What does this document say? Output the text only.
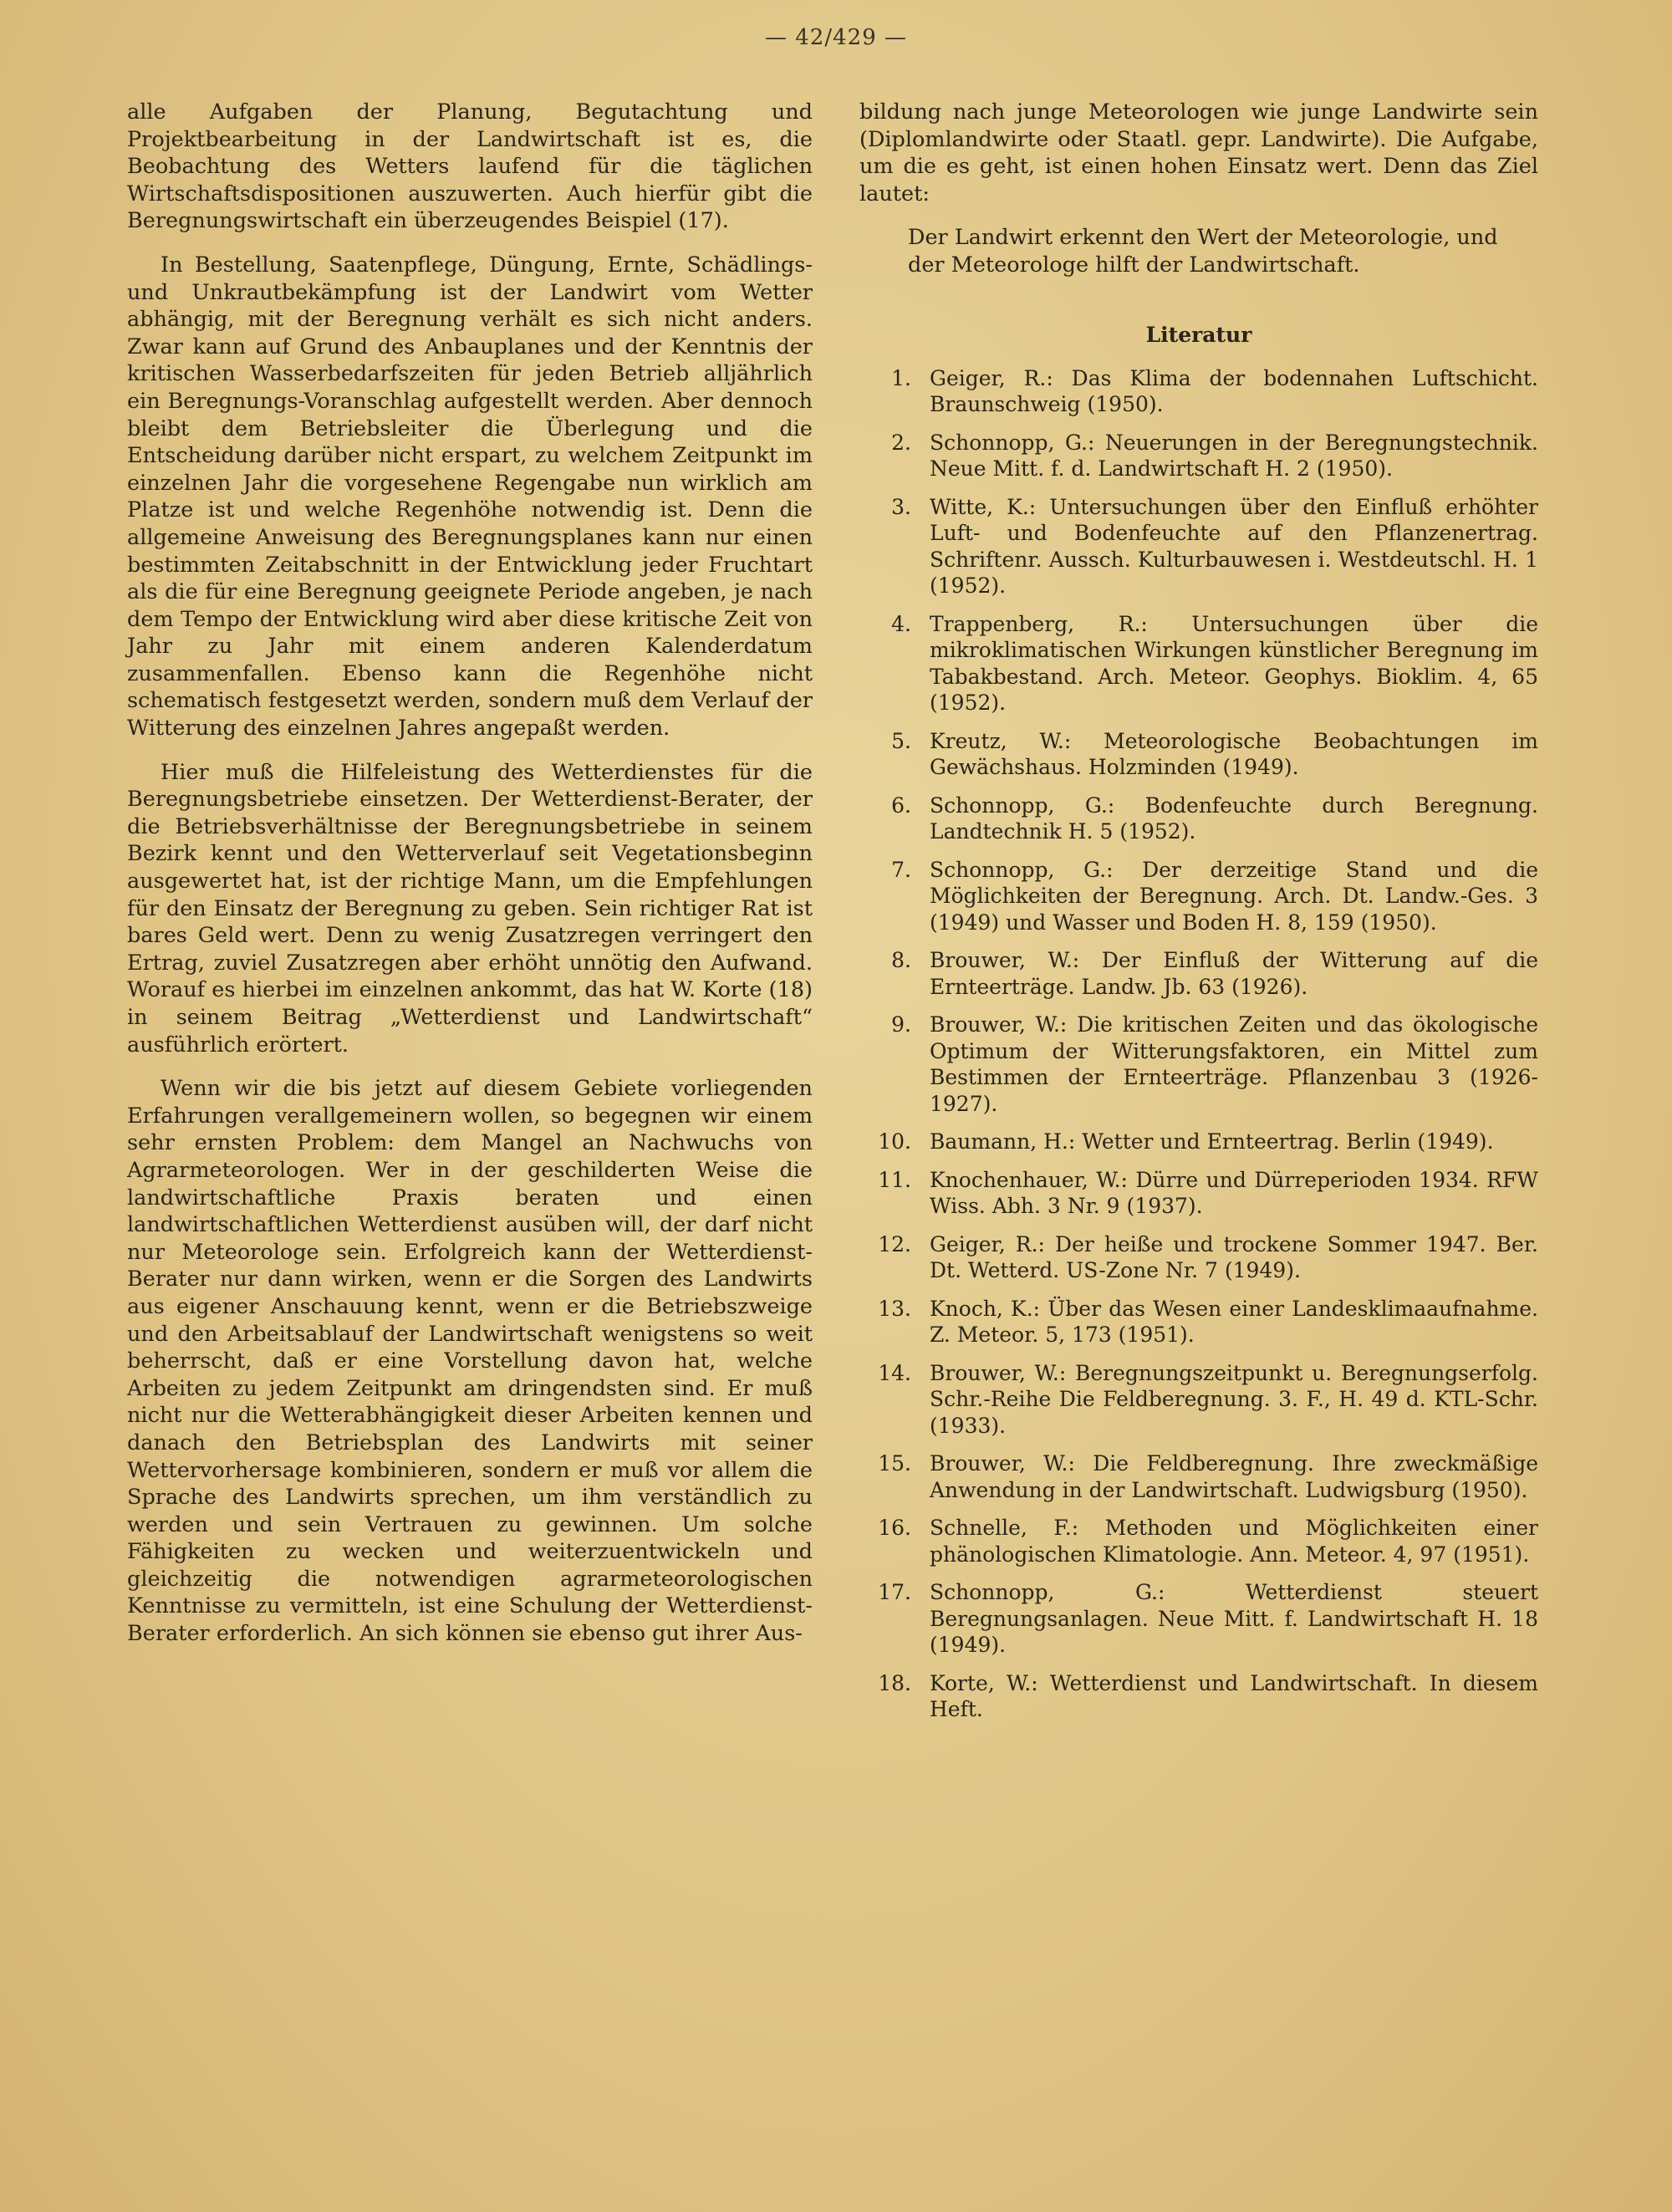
— 42/429 —

alle Aufgaben der Planung, Begutachtung und Projektbearbeitung in der Landwirtschaft ist es, die Beobachtung des Wetters laufend für die täglichen Wirtschaftsdispositionen auszuwerten. Auch hierfür gibt die Beregnungswirtschaft ein überzeugendes Beispiel (17).

In Bestellung, Saatenpflege, Düngung, Ernte, Schädlings- und Unkrautbekämpfung ist der Landwirt vom Wetter abhängig, mit der Beregnung verhält es sich nicht anders. Zwar kann auf Grund des Anbauplanes und der Kenntnis der kritischen Wasserbedarfszeiten für jeden Betrieb alljährlich ein Beregnungs-Voranschlag aufgestellt werden. Aber dennoch bleibt dem Betriebsleiter die Überlegung und die Entscheidung darüber nicht erspart, zu welchem Zeitpunkt im einzelnen Jahr die vorgesehene Regengabe nun wirklich am Platze ist und welche Regenhöhe notwendig ist. Denn die allgemeine Anweisung des Beregnungsplanes kann nur einen bestimmten Zeitabschnitt in der Entwicklung jeder Fruchtart als die für eine Beregnung geeignete Periode angeben, je nach dem Tempo der Entwicklung wird aber diese kritische Zeit von Jahr zu Jahr mit einem anderen Kalenderdatum zusammenfallen. Ebenso kann die Regenhöhe nicht schematisch festgesetzt werden, sondern muß dem Verlauf der Witterung des einzelnen Jahres angepaßt werden.

Hier muß die Hilfeleistung des Wetterdienstes für die Beregnungsbetriebe einsetzen. Der Wetterdienst-Berater, der die Betriebsverhältnisse der Beregnungsbetriebe in seinem Bezirk kennt und den Wetterverlauf seit Vegetationsbeginn ausgewertet hat, ist der richtige Mann, um die Empfehlungen für den Einsatz der Beregnung zu geben. Sein richtiger Rat ist bares Geld wert. Denn zu wenig Zusatzregen verringert den Ertrag, zuviel Zusatzregen aber erhöht unnötig den Aufwand. Worauf es hierbei im einzelnen ankommt, das hat W. Korte (18) in seinem Beitrag „Wetterdienst und Landwirtschaft“ ausführlich erörtert.

Wenn wir die bis jetzt auf diesem Gebiete vorliegenden Erfahrungen verallgemeinern wollen, so begegnen wir einem sehr ernsten Problem: dem Mangel an Nachwuchs von Agrarmeteorologen. Wer in der geschilderten Weise die landwirtschaftliche Praxis beraten und einen landwirtschaftlichen Wetterdienst ausüben will, der darf nicht nur Meteorologe sein. Erfolgreich kann der Wetterdienst-Berater nur dann wirken, wenn er die Sorgen des Landwirts aus eigener Anschauung kennt, wenn er die Betriebszweige und den Arbeitsablauf der Landwirtschaft wenigstens so weit beherrscht, daß er eine Vorstellung davon hat, welche Arbeiten zu jedem Zeitpunkt am dringendsten sind. Er muß nicht nur die Wetterabhängigkeit dieser Arbeiten kennen und danach den Betriebsplan des Landwirts mit seiner Wettervorhersage kombinieren, sondern er muß vor allem die Sprache des Landwirts sprechen, um ihm verständlich zu werden und sein Vertrauen zu gewinnen. Um solche Fähigkeiten zu wecken und weiterzuentwickeln und gleichzeitig die notwendigen agrarmeteorologischen Kenntnisse zu vermitteln, ist eine Schulung der Wetterdienst-Berater erforderlich. An sich können sie ebenso gut ihrer Aus-

bildung nach junge Meteorologen wie junge Landwirte sein (Diplomlandwirte oder Staatl. gepr. Landwirte). Die Aufgabe, um die es geht, ist einen hohen Einsatz wert. Denn das Ziel lautet:

Der Landwirt erkennt den Wert der Meteorologie, und der Meteorologe hilft der Landwirtschaft.

Literatur
1. Geiger, R.: Das Klima der bodennahen Luftschicht. Braunschweig (1950).
2. Schonnopp, G.: Neuerungen in der Beregnungstechnik. Neue Mitt. f. d. Landwirtschaft H. 2 (1950).
3. Witte, K.: Untersuchungen über den Einfluß erhöhter Luft- und Bodenfeuchte auf den Pflanzenertrag. Schriftenr. Aussch. Kulturbauwesen i. Westdeutschl. H. 1 (1952).
4. Trappenberg, R.: Untersuchungen über die mikroklimatischen Wirkungen künstlicher Beregnung im Tabakbestand. Arch. Meteor. Geophys. Bioklim. 4, 65 (1952).
5. Kreutz, W.: Meteorologische Beobachtungen im Gewächshaus. Holzminden (1949).
6. Schonnopp, G.: Bodenfeuchte durch Beregnung. Landtechnik H. 5 (1952).
7. Schonnopp, G.: Der derzeitige Stand und die Möglichkeiten der Beregnung. Arch. Dt. Landw.-Ges. 3 (1949) und Wasser und Boden H. 8, 159 (1950).
8. Brouwer, W.: Der Einfluß der Witterung auf die Ernteerträge. Landw. Jb. 63 (1926).
9. Brouwer, W.: Die kritischen Zeiten und das ökologische Optimum der Witterungsfaktoren, ein Mittel zum Bestimmen der Ernteerträge. Pflanzenbau 3 (1926-1927).
10. Baumann, H.: Wetter und Ernteertrag. Berlin (1949).
11. Knochenhauer, W.: Dürre und Dürreperioden 1934. RFW Wiss. Abh. 3 Nr. 9 (1937).
12. Geiger, R.: Der heiße und trockene Sommer 1947. Ber. Dt. Wetterd. US-Zone Nr. 7 (1949).
13. Knoch, K.: Über das Wesen einer Landesklimaaufnahme. Z. Meteor. 5, 173 (1951).
14. Brouwer, W.: Beregnungszeitpunkt u. Beregnungserfolg. Schr.-Reihe Die Feldberegnung. 3. F., H. 49 d. KTL-Schr. (1933).
15. Brouwer, W.: Die Feldberegnung. Ihre zweckmäßige Anwendung in der Landwirtschaft. Ludwigsburg (1950).
16. Schnelle, F.: Methoden und Möglichkeiten einer phänologischen Klimatologie. Ann. Meteor. 4, 97 (1951).
17. Schonnopp, G.: Wetterdienst steuert Beregnungsanlagen. Neue Mitt. f. Landwirtschaft H. 18 (1949).
18. Korte, W.: Wetterdienst und Landwirtschaft. In diesem Heft.
